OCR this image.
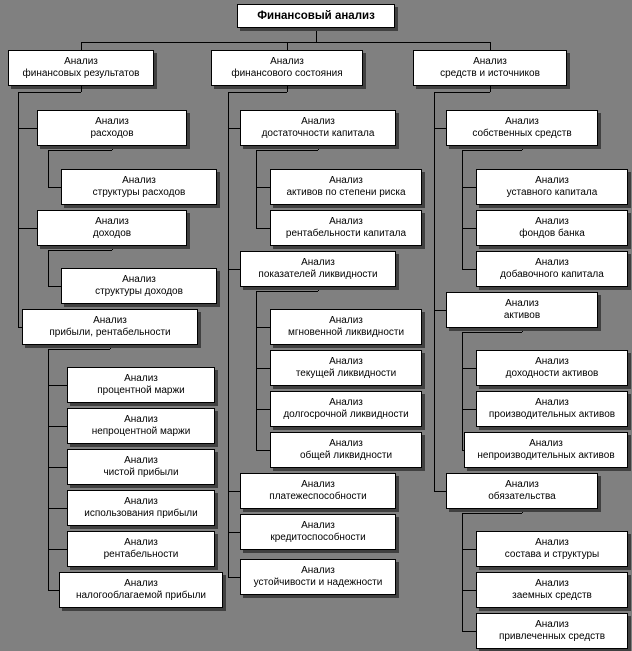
Финансовый анализ
Анализ
финансовых результатов
Анализ
финансового состояния
Анализ
средств и источников
Анализ
расходов
Анализ
структуры расходов
Анализ
доходов
Анализ
структуры доходов
Анализ
прибыли, рентабельности
Анализ
процентной маржи
Анализ
непроцентной маржи
Анализ
чистой прибыли
Анализ
использования прибыли
Анализ
рентабельности
Анализ
налогооблагаемой прибыли
Анализ
достаточности капитала
Анализ
активов по степени риска
Анализ
рентабельности капитала
Анализ
показателей ликвидности
Анализ
мгновенной ликвидности
Анализ
текущей ликвидности
Анализ
долгосрочной ликвидности
Анализ
общей ликвидности
Анализ
платежеспособности
Анализ
кредитоспособности
Анализ
устойчивости и надежности
Анализ
собственных средств
Анализ
уставного капитала
Анализ
фондов банка
Анализ
добавочного капитала
Анализ
активов
Анализ
доходности активов
Анализ
производительных активов
Анализ
непроизводительных активов
Анализ
обязательства
Анализ
состава и структуры
Анализ
заемных средств
Анализ
привлеченных средств
